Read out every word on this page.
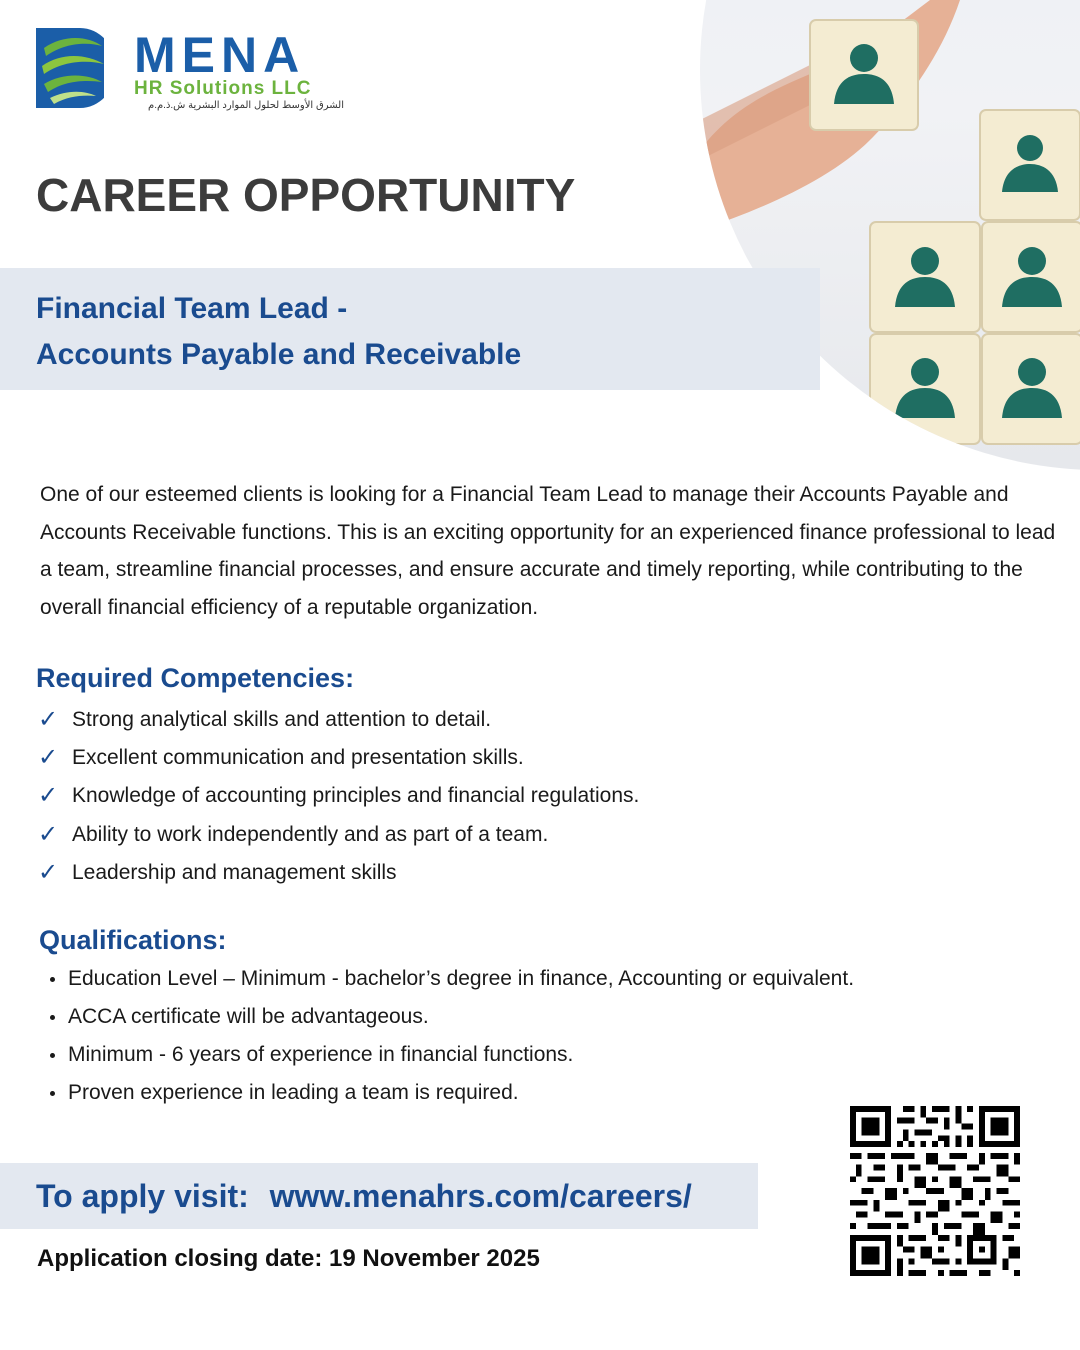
MENA
HR Solutions LLC
الشرق الأوسط لحلول الموارد البشرية ش.ذ.م.م
CAREER OPPORTUNITY
Financial Team Lead -
Accounts Payable and Receivable

One of our esteemed clients is looking for a Financial Team Lead to manage their Accounts Payable and Accounts Receivable functions. This is an exciting opportunity for an experienced finance professional to lead a team, streamline financial processes, and ensure accurate and timely reporting, while contributing to the overall financial efficiency of a reputable organization.

Required Competencies:
✓ Strong analytical skills and attention to detail.
✓ Excellent communication and presentation skills.
✓ Knowledge of accounting principles and financial regulations.
✓ Ability to work independently and as part of a team.
✓ Leadership and management skills
Qualifications:
Education Level – Minimum - bachelor’s degree in finance, Accounting or equivalent.
ACCA certificate will be advantageous.
Minimum - 6 years of experience in financial functions.
Proven experience in leading a team is required.
To apply visit: www.menahrs.com/careers/
Application closing date: 19 November 2025
